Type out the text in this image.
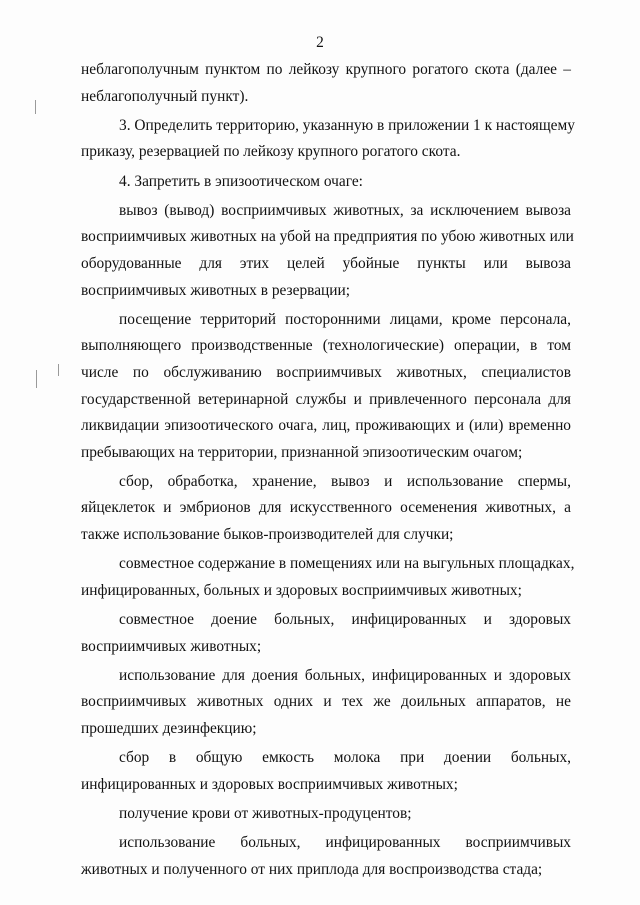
2
неблагополучным пунктом по лейкозу крупного рогатого скота (далее –
неблагополучный пункт).
3. Определить территорию, указанную в приложении 1 к настоящему
приказу, резервацией по лейкозу крупного рогатого скота.
4. Запретить в эпизоотическом очаге:
вывоз (вывод) восприимчивых животных, за исключением вывоза
восприимчивых животных на убой на предприятия по убою животных или
оборудованные для этих целей убойные пункты или вывоза
восприимчивых животных в резервации;
посещение территорий посторонними лицами, кроме персонала,
выполняющего производственные (технологические) операции, в том
числе по обслуживанию восприимчивых животных, специалистов
государственной ветеринарной службы и привлеченного персонала для
ликвидации эпизоотического очага, лиц, проживающих и (или) временно
пребывающих на территории, признанной эпизоотическим очагом;
сбор, обработка, хранение, вывоз и использование спермы,
яйцеклеток и эмбрионов для искусственного осеменения животных, а
также использование быков-производителей для случки;
совместное содержание в помещениях или на выгульных площадках,
инфицированных, больных и здоровых восприимчивых животных;
совместное доение больных, инфицированных и здоровых
восприимчивых животных;
использование для доения больных, инфицированных и здоровых
восприимчивых животных одних и тех же доильных аппаратов, не
прошедших дезинфекцию;
сбор в общую емкость молока при доении больных,
инфицированных и здоровых восприимчивых животных;
получение крови от животных-продуцентов;
использование больных, инфицированных восприимчивых
животных и полученного от них приплода для воспроизводства стада;
